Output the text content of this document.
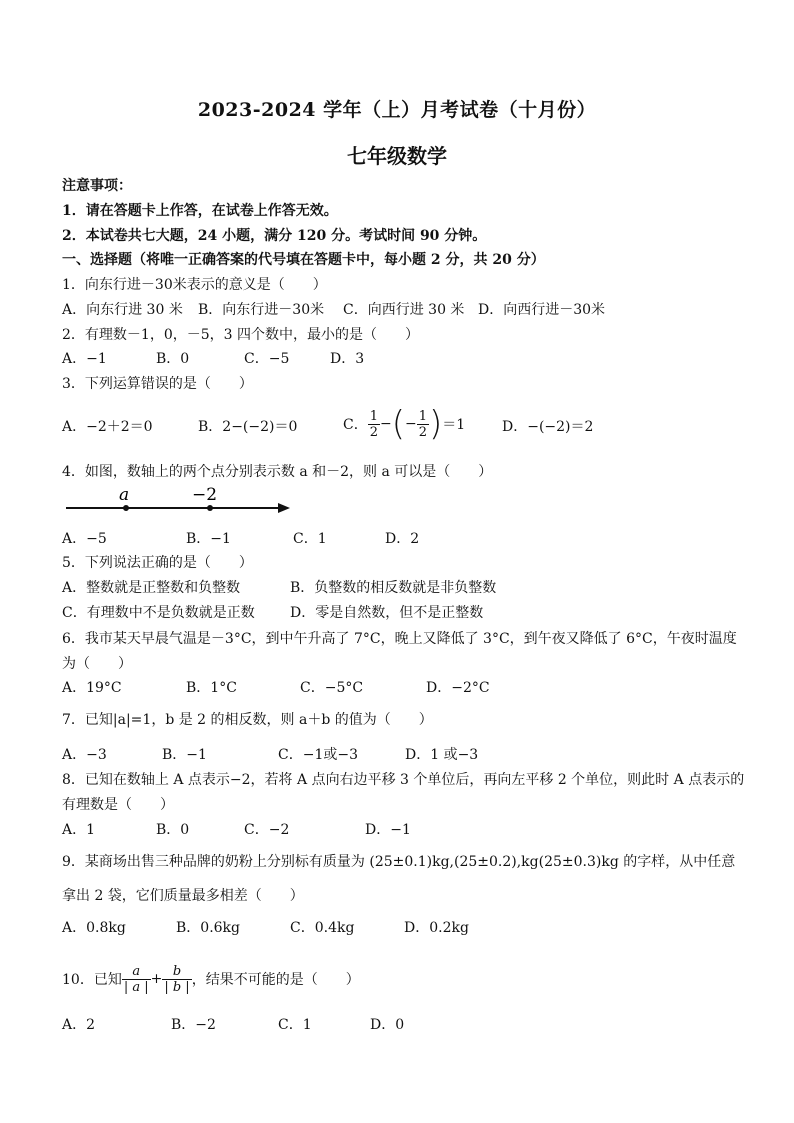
2023-2024 学年（上）月考试卷（十月份）
七年级数学
注意事项：
1．请在答题卡上作答，在试卷上作答无效。
2．本试卷共七大题，24 小题，满分 120 分。考试时间 90 分钟。
一、选择题（将唯一正确答案的代号填在答题卡中，每小题 2 分，共 20 分）
1．向东行进－30米表示的意义是（　　）
A．向东行进 30 米 B．向东行进－30米 C．向西行进 30 米 D．向西行进－30米
2．有理数－1，0，－5，3 四个数中，最小的是（　　）
A．−1	B．0	C．−5	D．3
3．下列运算错误的是（　　）
A．−2＋2＝0	B．2−(−2)＝0	C． $\frac{1}{2}$ − ( − $\frac{1}{2}$ ) ＝1	D．−(−2)＝2
4．如图，数轴上的两个点分别表示数 a 和－2，则 a 可以是（　　）
a	−2
A．−5	B．−1	C．1	D．2
5．下列说法正确的是（　　）
A．整数就是正整数和负整数	B．负整数的相反数就是非负整数
C．有理数中不是负数就是正数	D．零是自然数，但不是正整数
6．我市某天早晨气温是－3°C，到中午升高了 7°C，晚上又降低了 3°C，到午夜又降低了 6°C，午夜时温度
为（　　）
A．19°C	B．1°C	C．−5°C	D．−2°C
7．已知|a|=1，b 是 2 的相反数，则 a＋b 的值为（　　）
A．−3	B．−1	C．−1或−3	D．1 或−3
8．已知在数轴上 A 点表示−2，若将 A 点向右边平移 3 个单位后，再向左平移 2 个单位，则此时 A 点表示的
有理数是（　　）
A．1	B．0	C．−2	D．−1
9．某商场出售三种品牌的奶粉上分别标有质量为 (25±0.1)kg,(25±0.2),kg(25±0.3)kg 的字样，从中任意
拿出 2 袋，它们质量最多相差（　　）
A．0.8kg	B．0.6kg	C．0.4kg	D．0.2kg
10．已知 $\frac{a}{| a |} + \frac{b}{| b |}$ ，结果不可能的是（　　）
A．2	B．−2	C．1	D．0
